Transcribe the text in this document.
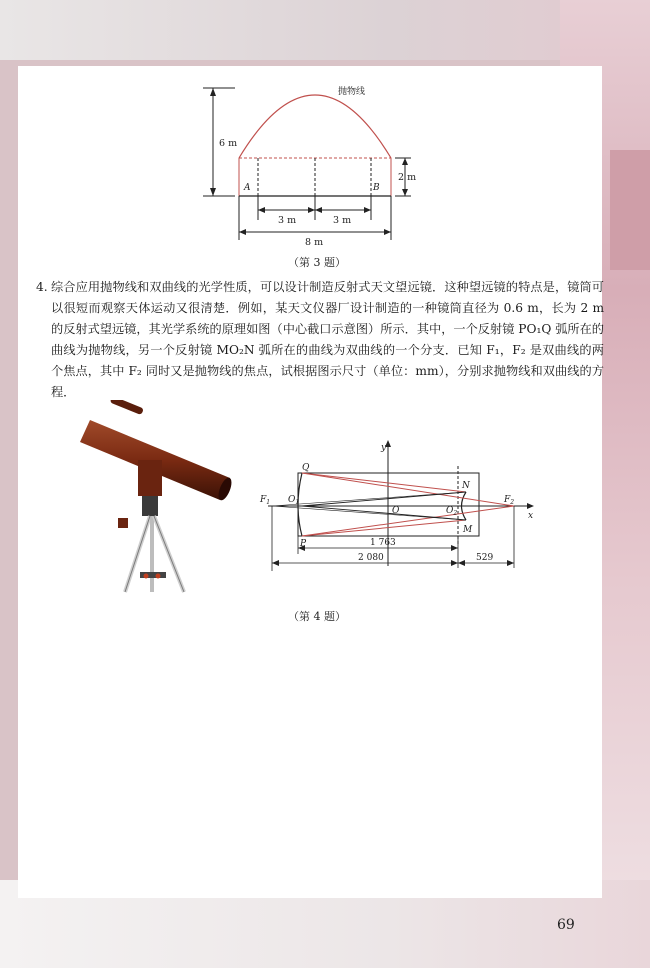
抛物线
6 m
2 m
A	B
3 m	3 m
8 m
（第 3 题）
4. 综合应用抛物线和双曲线的光学性质，可以设计制造反射式天文望远镜．这种望远镜的特点是，镜筒可以很短而观察天体运动又很清楚．例如，某天文仪器厂设计制造的一种镜筒直径为 0.6 m，长为 2 m 的反射式望远镜，其光学系统的原理如图（中心截口示意图）所示．其中，一个反射镜 PO₁Q 弧所在的曲线为抛物线，另一个反射镜 MO₂N 弧所在的曲线为双曲线的一个分支．已知 F₁，F₂ 是双曲线的两个焦点，其中 F₂ 同时又是抛物线的焦点，试根据图示尺寸（单位：mm），分别求抛物线和双曲线的方程．
y
x
$F_1$ $O_1$
O	$O_2$
$F_2$
Q
P
N
M
1 763
2 080	529
（第 4 题）
69
